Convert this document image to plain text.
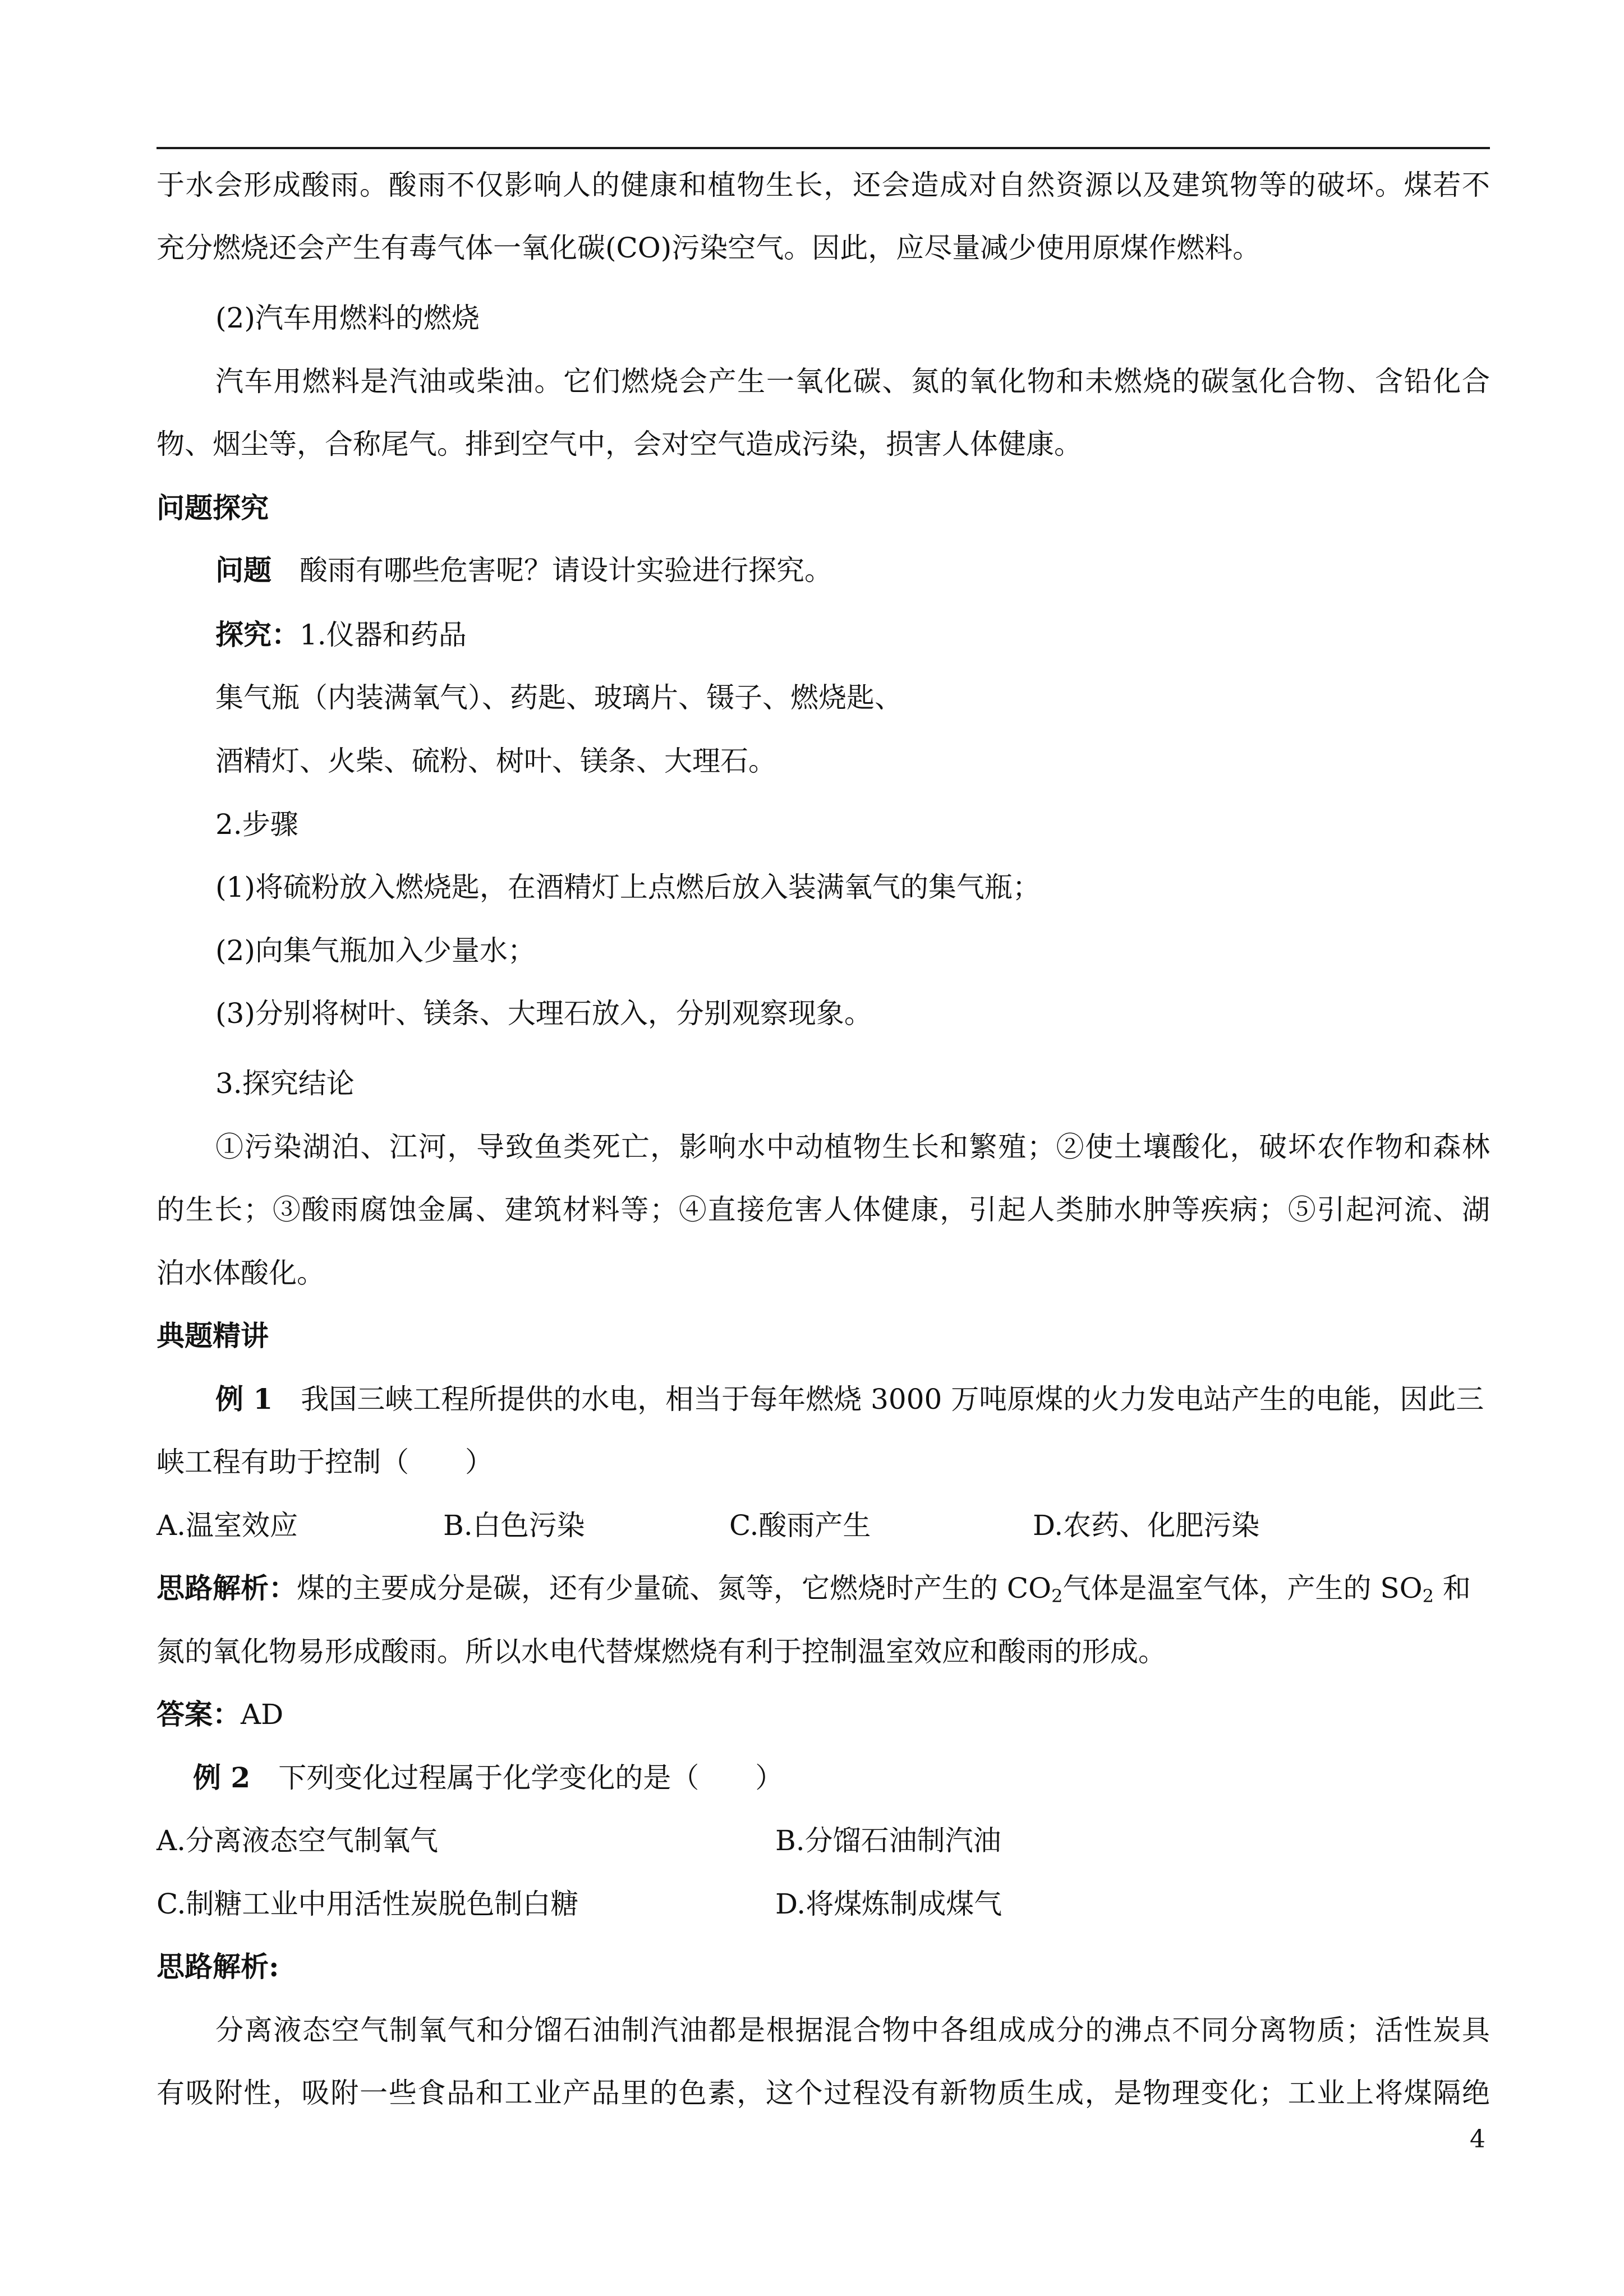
于水会形成酸雨。酸雨不仅影响人的健康和植物生长，还会造成对自然资源以及建筑物等的破坏。煤若不
充分燃烧还会产生有毒气体一氧化碳(CO)污染空气。因此，应尽量减少使用原煤作燃料。
(2)汽车用燃料的燃烧
汽车用燃料是汽油或柴油。它们燃烧会产生一氧化碳、氮的氧化物和未燃烧的碳氢化合物、含铅化合
物、烟尘等，合称尾气。排到空气中，会对空气造成污染，损害人体健康。
问题探究
问题　 酸雨有哪些危害呢？请设计实验进行探究。
探究：1.仪器和药品
集气瓶（内装满氧气）、药匙、玻璃片、镊子、燃烧匙、
酒精灯、火柴、硫粉、树叶、镁条、大理石。
2.步骤
(1)将硫粉放入燃烧匙，在酒精灯上点燃后放入装满氧气的集气瓶；
(2)向集气瓶加入少量水；
(3)分别将树叶、镁条、大理石放入，分别观察现象。
3.探究结论
①污染湖泊、江河，导致鱼类死亡，影响水中动植物生长和繁殖；②使土壤酸化，破坏农作物和森林
的生长；③酸雨腐蚀金属、建筑材料等；④直接危害人体健康，引起人类肺水肿等疾病；⑤引起河流、湖
泊水体酸化。
典题精讲
例 1　 我国三峡工程所提供的水电，相当于每年燃烧 3000 万吨原煤的火力发电站产生的电能，因此三
峡工程有助于控制（　　）
A.温室效应	B.白色污染	C.酸雨产生	D.农药、化肥污染
思路解析：煤的主要成分是碳，还有少量硫、氮等，它燃烧时产生的 $CO_2$气体是温室气体，产生的 $SO_2$ 和
氮的氧化物易形成酸雨。所以水电代替煤燃烧有利于控制温室效应和酸雨的形成。
答案：AD
例 2　 下列变化过程属于化学变化的是（　　）
A.分离液态空气制氧气	B.分馏石油制汽油
C.制糖工业中用活性炭脱色制白糖	D.将煤炼制成煤气
思路解析:
分离液态空气制氧气和分馏石油制汽油都是根据混合物中各组成成分的沸点不同分离物质；活性炭具
有吸附性，吸附一些食品和工业产品里的色素，这个过程没有新物质生成，是物理变化；工业上将煤隔绝
4
